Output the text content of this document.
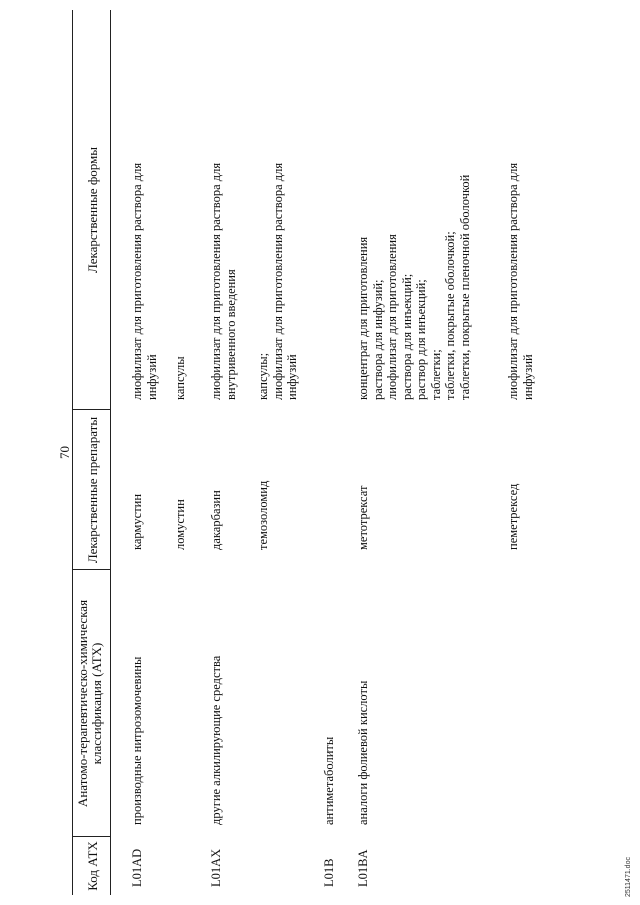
70
Код АТХ
Анатомо-терапевтическо-химическая
классификация (АТХ)
Лекарственные препараты
Лекарственные формы
L01AD
производные нитрозомочевины
кармустин
лиофилизат для приготовления раствора для
инфузий
ломустин
капсулы
L01AX
другие алкилирующие средства
дакарбазин
лиофилизат для приготовления раствора для
внутривенного введения
темозоломид
капсулы;
лиофилизат для приготовления раствора для
инфузий
L01B
антиметаболиты
L01BA
аналоги фолиевой кислоты
метотрексат
концентрат для приготовления
раствора для инфузий;
лиофилизат для приготовления
раствора для инъекций;
раствор для инъекций;
таблетки;
таблетки, покрытые оболочкой;
таблетки, покрытые пленочной оболочкой
пеметрексед
лиофилизат для приготовления раствора для
инфузий
2511471.doc
